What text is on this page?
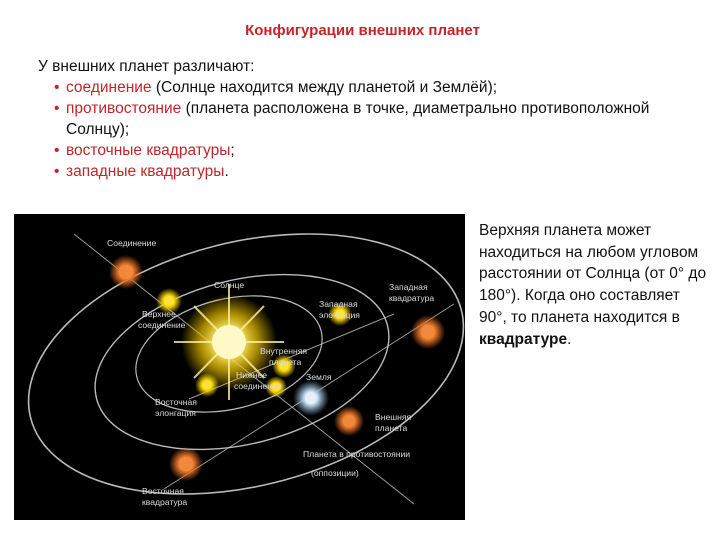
Конфигурации внешних планет
У внешних планет различают:
• соединение (Солнце находится между планетой и Землёй);
• противостояние (планета расположена в точке, диаметрально противоположной Солнцу);
• восточные квадратуры;
• западные квадратуры.
Соединение
Солнце
Верхнее
соединение
Западная
элонгация
Западная
квадратура
Внутренняя
планета
Нижнее
соединение
Земля
Восточная
элонгация	Внешняя
планета
Планета в противостоянии
(оппозиции)
Восточная
квадратура
Верхняя планета может находиться на любом угловом расстоянии от Солнца (от 0° до 180°). Когда оно составляет 90°, то планета находится в квадратуре.
